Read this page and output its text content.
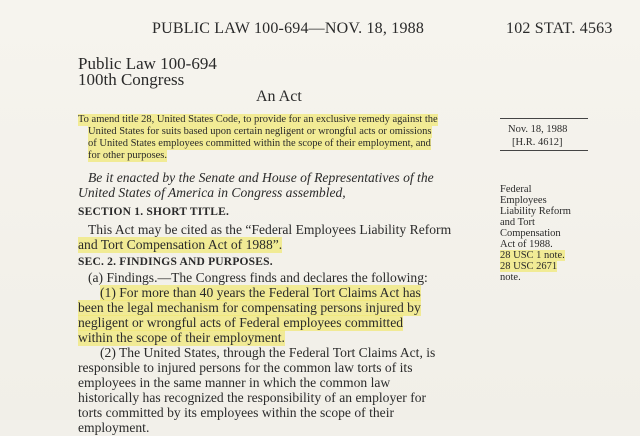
PUBLIC LAW 100-694—NOV. 18, 1988	102 STAT. 4563
Public Law 100-694
100th Congress
An Act
To amend title 28, United States Code, to provide for an exclusive remedy against the
United States for suits based upon certain negligent or wrongful acts or omissions
of United States employees committed within the scope of their employment, and
for other purposes.
Nov. 18, 1988
[H.R. 4612]
Be it enacted by the Senate and House of Representatives of the
United States of America in Congress assembled,
SECTION 1. SHORT TITLE.
This Act may be cited as the “Federal Employees Liability Reform
and Tort Compensation Act of 1988”.
SEC. 2. FINDINGS AND PURPOSES.
(a) Findings.—The Congress finds and declares the following:
(1) For more than 40 years the Federal Tort Claims Act has
been the legal mechanism for compensating persons injured by
negligent or wrongful acts of Federal employees committed
within the scope of their employment.
(2) The United States, through the Federal Tort Claims Act, is
responsible to injured persons for the common law torts of its
employees in the same manner in which the common law
historically has recognized the responsibility of an employer for
torts committed by its employees within the scope of their
employment.
Federal
Employees
Liability Reform
and Tort
Compensation
Act of 1988.
28 USC 1 note.
28 USC 2671
note.
